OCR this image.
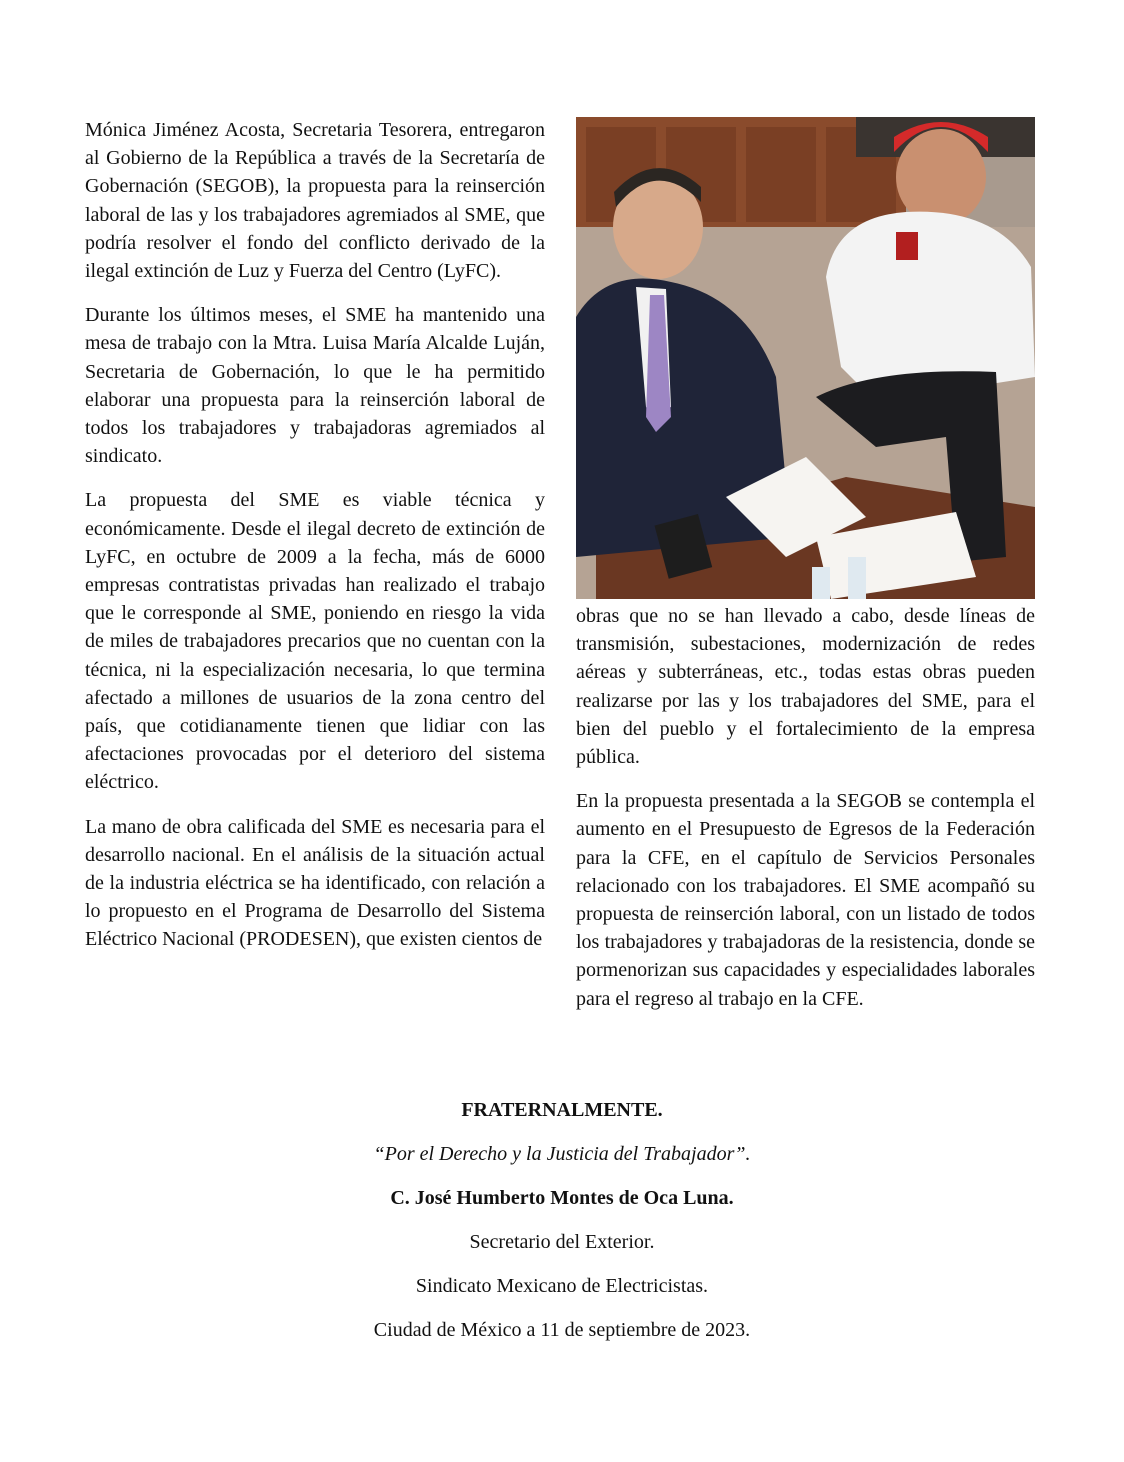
Mónica Jiménez Acosta, Secretaria Tesorera, entregaron al Gobierno de la República a través de la Secretaría de Gobernación (SEGOB), la propuesta para la reinserción laboral de las y los trabajadores agremiados al SME, que podría resolver el fondo del conflicto derivado de la ilegal extinción de Luz y Fuerza del Centro (LyFC).

Durante los últimos meses, el SME ha mantenido una mesa de trabajo con la Mtra. Luisa María Alcalde Luján, Secretaria de Gobernación, lo que le ha permitido elaborar una propuesta para la reinserción laboral de todos los trabajadores y trabajadoras agremiados al sindicato.

La propuesta del SME es viable técnica y económicamente. Desde el ilegal decreto de extinción de LyFC, en octubre de 2009 a la fecha, más de 6000 empresas contratistas privadas han realizado el trabajo que le corresponde al SME, poniendo en riesgo la vida de miles de trabajadores precarios que no cuentan con la técnica, ni la especialización necesaria, lo que termina afectado a millones de usuarios de la zona centro del país, que cotidianamente tienen que lidiar con las afectaciones provocadas por el deterioro del sistema eléctrico.

La mano de obra calificada del SME es necesaria para el desarrollo nacional. En el análisis de la situación actual de la industria eléctrica se ha identificado, con relación a lo propuesto en el Programa de Desarrollo del Sistema Eléctrico Nacional (PRODESEN), que existen cientos de

obras que no se han llevado a cabo, desde líneas de transmisión, subestaciones, modernización de redes aéreas y subterráneas, etc., todas estas obras pueden realizarse por las y los trabajadores del SME, para el bien del pueblo y el fortalecimiento de la empresa pública.

En la propuesta presentada a la SEGOB se contempla el aumento en el Presupuesto de Egresos de la Federación para la CFE, en el capítulo de Servicios Personales relacionado con los trabajadores. El SME acompañó su propuesta de reinserción laboral, con un listado de todos los trabajadores y trabajadoras de la resistencia, donde se pormenorizan sus capacidades y especialidades laborales para el regreso al trabajo en la CFE.

FRATERNALMENTE.
“Por el Derecho y la Justicia del Trabajador”.
C. José Humberto Montes de Oca Luna.
Secretario del Exterior.
Sindicato Mexicano de Electricistas.
Ciudad de México a 11 de septiembre de 2023.
